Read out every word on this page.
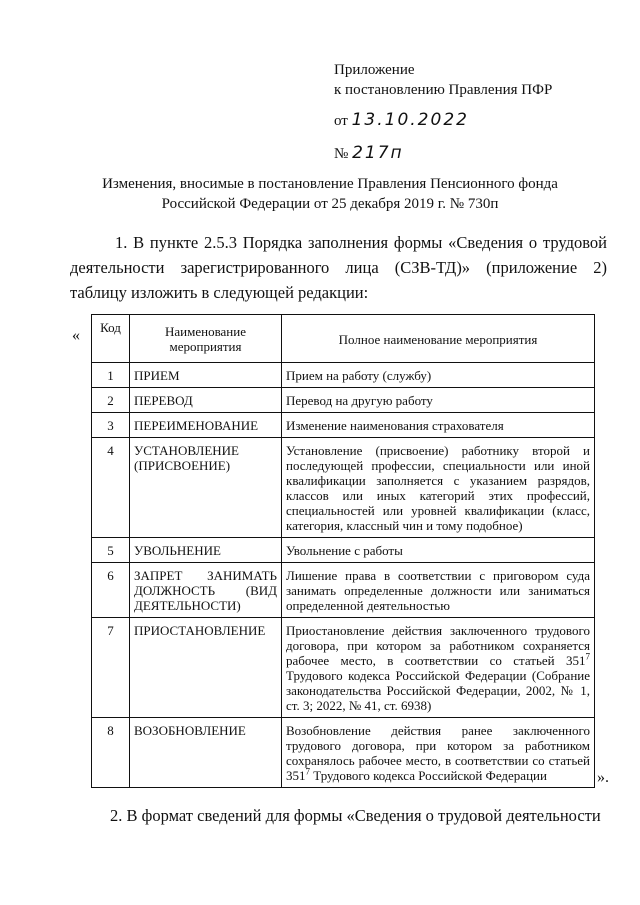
Приложение
к постановлению Правления ПФР
от 13.10.2022
№ 217п
Изменения, вносимые в постановление Правления Пенсионного фонда
Российской Федерации от 25 декабря 2019 г. № 730п
1. В пункте 2.5.3 Порядка заполнения формы «Сведения о трудовой деятельности зарегистрированного лица (СЗВ-ТД)» (приложение 2) таблицу изложить в следующей редакции:
« Код	Наименование мероприятия	Полное наименование мероприятия
1	ПРИЕМ	Прием на работу (службу)
2	ПЕРЕВОД	Перевод на другую работу
3	ПЕРЕИМЕНОВАНИЕ	Изменение наименования страхователя
4	УСТАНОВЛЕНИЕ (ПРИСВОЕНИЕ)	Установление (присвоение) работнику второй и последующей профессии, специальности или иной квалификации заполняется с указанием разрядов, классов или иных категорий этих профессий, специальностей или уровней квалификации (класс, категория, классный чин и тому подобное)
5	УВОЛЬНЕНИЕ	Увольнение с работы
6	ЗАПРЕТ ЗАНИМАТЬ ДОЛЖНОСТЬ (ВИД ДЕЯТЕЛЬНОСТИ)	Лишение права в соответствии с приговором суда занимать определенные должности или заниматься определенной деятельностью
7	ПРИОСТАНОВЛЕНИЕ	Приостановление действия заключенного трудового договора, при котором за работником сохраняется рабочее место, в соответствии со статьей $351^7$ Трудового кодекса Российской Федерации (Собрание законодательства Российской Федерации, 2002, № 1, ст. 3; 2022, № 41, ст. 6938)
8	ВОЗОБНОВЛЕНИЕ	Возобновление действия ранее заключенного трудового договора, при котором за работником сохранялось рабочее место, в соответствии со статьей $351^7$ Трудового кодекса Российской Федерации	».
2. В формат сведений для формы «Сведения о трудовой деятельности
